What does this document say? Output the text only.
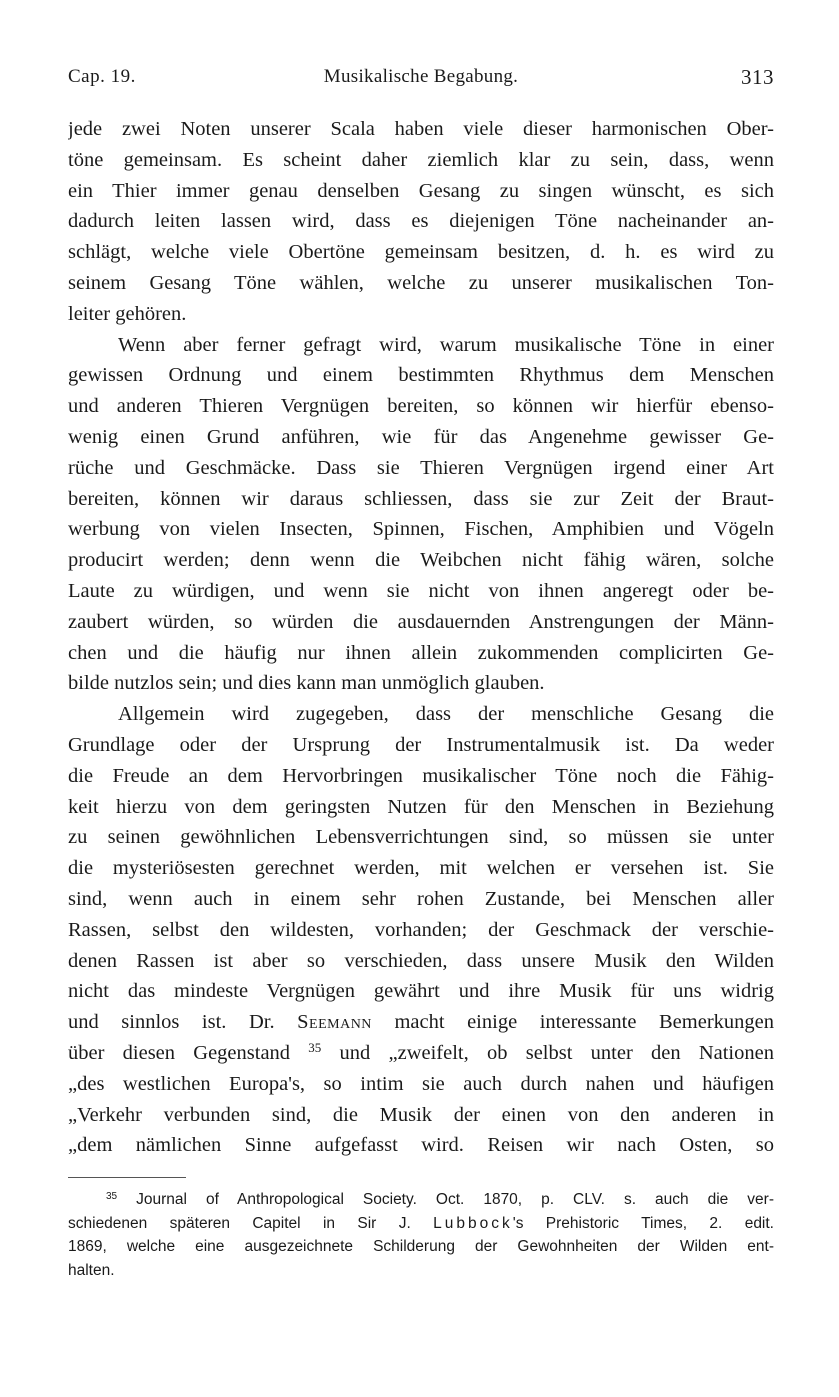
Cap. 19.	Musikalische Begabung.	313
jede zwei Noten unserer Scala haben viele dieser harmonischen Ober-
töne gemeinsam. Es scheint daher ziemlich klar zu sein, dass, wenn
ein Thier immer genau denselben Gesang zu singen wünscht, es sich
dadurch leiten lassen wird, dass es diejenigen Töne nacheinander an-
schlägt, welche viele Obertöne gemeinsam besitzen, d. h. es wird zu
seinem Gesang Töne wählen, welche zu unserer musikalischen Ton-
leiter gehören.
Wenn aber ferner gefragt wird, warum musikalische Töne in einer
gewissen Ordnung und einem bestimmten Rhythmus dem Menschen
und anderen Thieren Vergnügen bereiten, so können wir hierfür ebenso-
wenig einen Grund anführen, wie für das Angenehme gewisser Ge-
rüche und Geschmäcke. Dass sie Thieren Vergnügen irgend einer Art
bereiten, können wir daraus schliessen, dass sie zur Zeit der Braut-
werbung von vielen Insecten, Spinnen, Fischen, Amphibien und Vögeln
producirt werden; denn wenn die Weibchen nicht fähig wären, solche
Laute zu würdigen, und wenn sie nicht von ihnen angeregt oder be-
zaubert würden, so würden die ausdauernden Anstrengungen der Männ-
chen und die häufig nur ihnen allein zukommenden complicirten Ge-
bilde nutzlos sein; und dies kann man unmöglich glauben.
Allgemein wird zugegeben, dass der menschliche Gesang die
Grundlage oder der Ursprung der Instrumentalmusik ist. Da weder
die Freude an dem Hervorbringen musikalischer Töne noch die Fähig-
keit hierzu von dem geringsten Nutzen für den Menschen in Beziehung
zu seinen gewöhnlichen Lebensverrichtungen sind, so müssen sie unter
die mysteriösesten gerechnet werden, mit welchen er versehen ist. Sie
sind, wenn auch in einem sehr rohen Zustande, bei Menschen aller
Rassen, selbst den wildesten, vorhanden; der Geschmack der verschie-
denen Rassen ist aber so verschieden, dass unsere Musik den Wilden
nicht das mindeste Vergnügen gewährt und ihre Musik für uns widrig
und sinnlos ist. Dr. Seemann macht einige interessante Bemerkungen
über diesen Gegenstand $^{35}$ und „zweifelt, ob selbst unter den Nationen
„des westlichen Europa's, so intim sie auch durch nahen und häufigen
„Verkehr verbunden sind, die Musik der einen von den anderen in
„dem nämlichen Sinne aufgefasst wird. Reisen wir nach Osten, so
$^{35}$ Journal of Anthropological Society. Oct. 1870, p. CLV. s. auch die ver-
schiedenen späteren Capitel in Sir J. Lubbock's Prehistoric Times, 2. edit.
1869, welche eine ausgezeichnete Schilderung der Gewohnheiten der Wilden ent-
halten.
